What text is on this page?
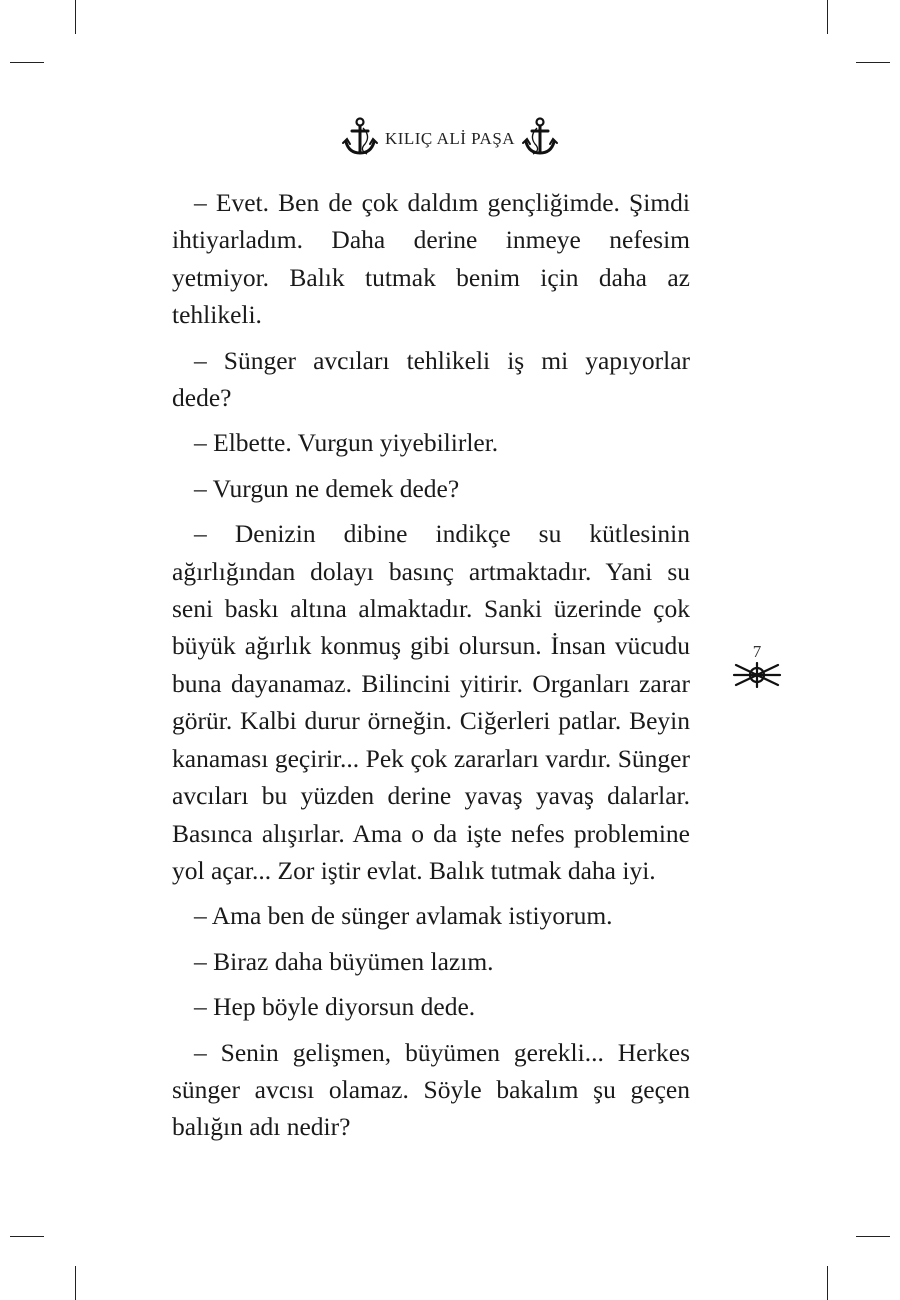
KILIÇ ALİ PAŞA

– Evet. Ben de çok daldım gençliğimde. Şimdi ihtiyarladım. Daha derine inmeye nefesim yetmiyor. Balık tutmak benim için daha az tehlikeli.

– Sünger avcıları tehlikeli iş mi yapıyorlar dede?

– Elbette. Vurgun yiyebilirler.

– Vurgun ne demek dede?

– Denizin dibine indikçe su kütlesinin ağırlığından dolayı basınç artmaktadır. Yani su seni baskı altına almaktadır. Sanki üzerinde çok büyük ağırlık konmuş gibi olursun. İnsan vücudu buna dayanamaz. Bilincini yitirir. Organları zarar görür. Kalbi durur örneğin. Ciğerleri patlar. Beyin kanaması geçirir... Pek çok zararları vardır. Sünger avcıları bu yüzden derine yavaş yavaş dalarlar. Basınca alışırlar. Ama o da işte nefes problemine yol açar... Zor iştir evlat. Balık tutmak daha iyi.

– Ama ben de sünger avlamak istiyorum.

– Biraz daha büyümen lazım.

– Hep böyle diyorsun dede.

– Senin gelişmen, büyümen gerekli... Herkes sünger avcısı olamaz. Söyle bakalım şu geçen balığın adı nedir?

7
